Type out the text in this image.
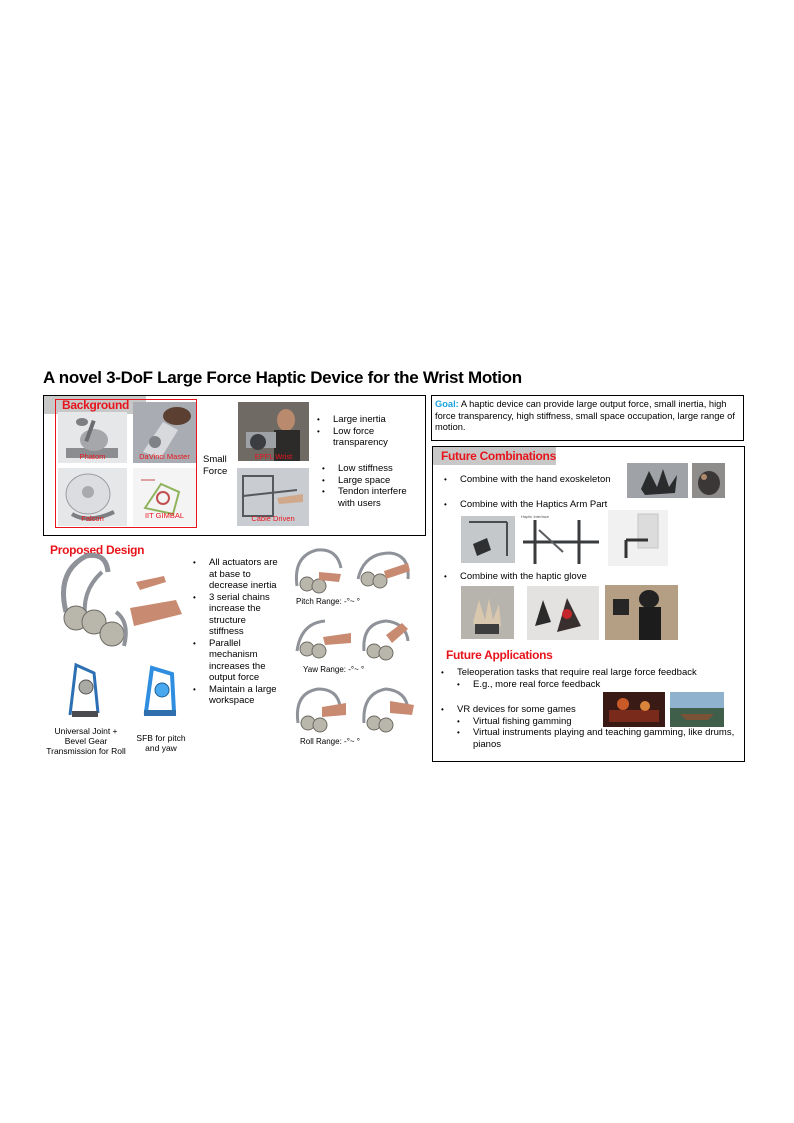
A novel 3-DoF Large Force Haptic Device for the Wrist Motion
Background
Phatom	DaVinci Master
Falcon	IIT GIMBAL
Small Force
EPFL Wrist
Cable Driven
• Large inertia
• Low force transparency
• Low stiffness
• Large space
• Tendon interfere with users
Goal: A haptic device can provide large output force, small inertia, high force transparency, high stiffness, small space occupation, large range of motion.
Future Combinations
• Combine with the hand exoskeleton
• Combine with the Haptics Arm Part
Haptic Interface
• Combine with the haptic glove
Future Applications
• Teleoperation tasks that require real large force feedback
• E.g., more real force feedback
• VR devices for some games
• Virtual fishing gamming
• Virtual instruments playing and teaching gamming, like drums, pianos
Proposed Design
Universal Joint + Bevel Gear Transmission for Roll
SFB for pitch and yaw
• All actuators are at base to decrease inertia
• 3 serial chains increase the structure stiffness
• Parallel mechanism increases the output force
• Maintain a large workspace
Pitch Range: -°~ °
Yaw Range: -°~ °
Roll Range: -°~ °
